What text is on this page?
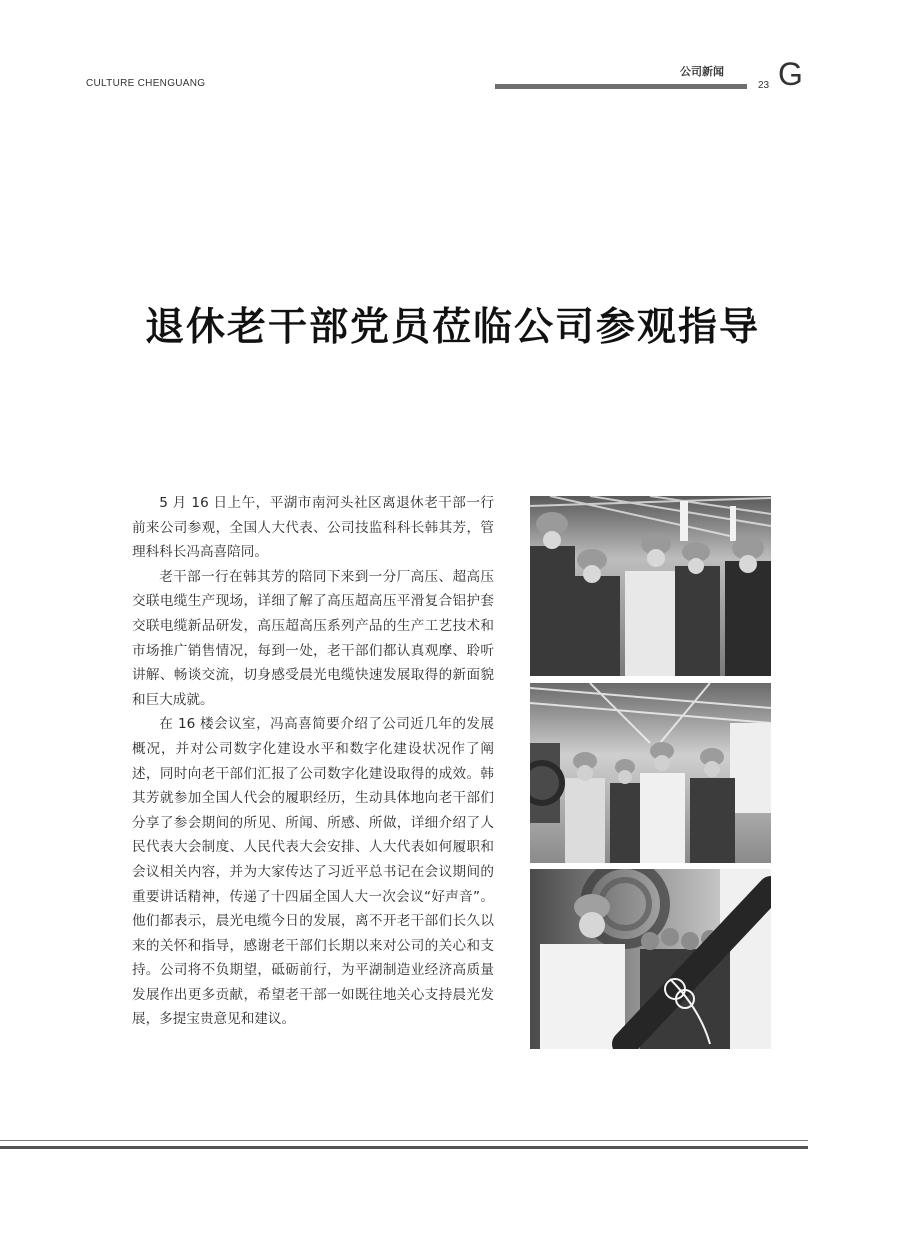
CULTURE CHENGUANG
公司新闻
23 G
退休老干部党员莅临公司参观指导

5 月 16 日上午，平湖市南河头社区离退休老干部一行前来公司参观，全国人大代表、公司技监科科长韩其芳，管理科科长冯高喜陪同。

老干部一行在韩其芳的陪同下来到一分厂高压、超高压交联电缆生产现场，详细了解了高压超高压平滑复合铝护套交联电缆新品研发，高压超高压系列产品的生产工艺技术和市场推广销售情况，每到一处，老干部们都认真观摩、聆听讲解、畅谈交流，切身感受晨光电缆快速发展取得的新面貌和巨大成就。

在 16 楼会议室，冯高喜简要介绍了公司近几年的发展概况，并对公司数字化建设水平和数字化建设状况作了阐述，同时向老干部们汇报了公司数字化建设取得的成效。韩其芳就参加全国人代会的履职经历，生动具体地向老干部们分享了参会期间的所见、所闻、所感、所做，详细介绍了人民代表大会制度、人民代表大会安排、人大代表如何履职和会议相关内容，并为大家传达了习近平总书记在会议期间的重要讲话精神，传递了十四届全国人大一次会议“好声音”。他们都表示，晨光电缆今日的发展，离不开老干部们长久以来的关怀和指导，感谢老干部们长期以来对公司的关心和支持。公司将不负期望，砥砺前行，为平湖制造业经济高质量发展作出更多贡献，希望老干部一如既往地关心支持晨光发展，多提宝贵意见和建议。
